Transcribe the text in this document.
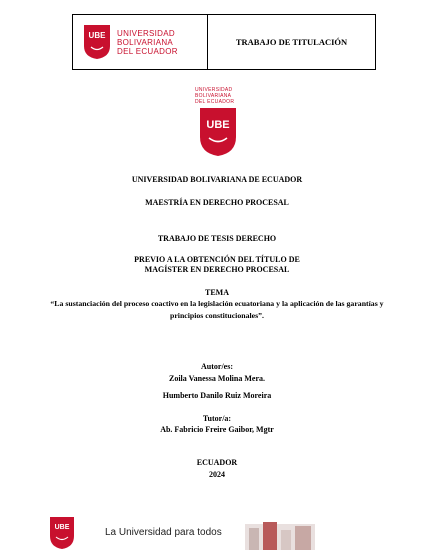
UBE UNIVERSIDAD
BOLIVARIANA
DEL ECUADOR
TRABAJO DE TITULACIÓN
UNIVERSIDAD
BOLIVARIANA
DEL ECUADOR
UBE
UNIVERSIDAD BOLIVARIANA DE ECUADOR
MAESTRÍA EN DERECHO PROCESAL
TRABAJO DE TESIS DERECHO
PREVIO A LA OBTENCIÓN DEL TÍTULO DE
MAGÍSTER EN DERECHO PROCESAL
TEMA
“La sustanciación del proceso coactivo en la legislación ecuatoriana y la aplicación de las garantías y principios constitucionales”.
Autor/es:
Zoila Vanessa Molina Mera.
Humberto Danilo Ruiz Moreira
Tutor/a:
Ab. Fabricio Freire Gaibor, Mgtr
ECUADOR
2024
UBE	La Universidad para todos
